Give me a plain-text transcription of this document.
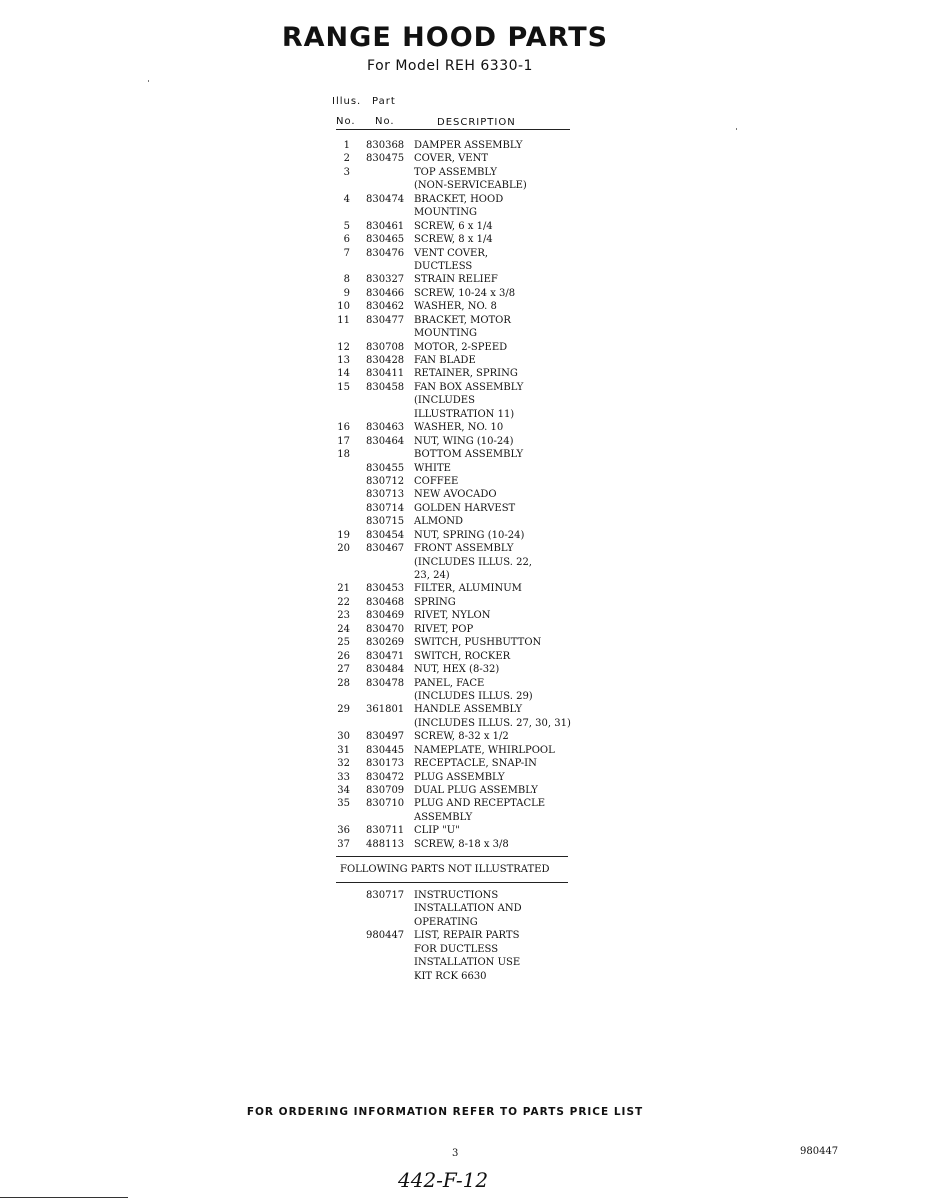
RANGE HOOD PARTS
For Model REH 6330-1
Illus. Part
No. No.	DESCRIPTION
1 830368 DAMPER ASSEMBLY
2 830475 COVER, VENT
3	TOP ASSEMBLY
(NON-SERVICEABLE)
4 830474 BRACKET, HOOD
MOUNTING
5 830461 SCREW, 6 x 1/4
6 830465 SCREW, 8 x 1/4
7 830476 VENT COVER,
DUCTLESS
8 830327 STRAIN RELIEF
9 830466 SCREW, 10-24 x 3/8
10 830462 WASHER, NO. 8
11 830477 BRACKET, MOTOR
MOUNTING
12 830708 MOTOR, 2-SPEED
13 830428 FAN BLADE
14 830411 RETAINER, SPRING
15 830458 FAN BOX ASSEMBLY
(INCLUDES
ILLUSTRATION 11)
16 830463 WASHER, NO. 10
17 830464 NUT, WING (10-24)
18	BOTTOM ASSEMBLY
830455 WHITE
830712 COFFEE
830713 NEW AVOCADO
830714 GOLDEN HARVEST
830715 ALMOND
19 830454 NUT, SPRING (10-24)
20 830467 FRONT ASSEMBLY
(INCLUDES ILLUS. 22,
23, 24)
21 830453 FILTER, ALUMINUM
22 830468 SPRING
23 830469 RIVET, NYLON
24 830470 RIVET, POP
25 830269 SWITCH, PUSHBUTTON
26 830471 SWITCH, ROCKER
27 830484 NUT, HEX (8-32)
28 830478 PANEL, FACE
(INCLUDES ILLUS. 29)
29 361801 HANDLE ASSEMBLY
(INCLUDES ILLUS. 27, 30, 31)
30 830497 SCREW, 8-32 x 1/2
31 830445 NAMEPLATE, WHIRLPOOL
32 830173 RECEPTACLE, SNAP-IN
33 830472 PLUG ASSEMBLY
34 830709 DUAL PLUG ASSEMBLY
35 830710 PLUG AND RECEPTACLE
ASSEMBLY
36 830711 CLIP "U"
37 488113 SCREW, 8-18 x 3/8
FOLLOWING PARTS NOT ILLUSTRATED
830717 INSTRUCTIONS
INSTALLATION AND
OPERATING
980447 LIST, REPAIR PARTS
FOR DUCTLESS
INSTALLATION USE
KIT RCK 6630
FOR ORDERING INFORMATION REFER TO PARTS PRICE LIST
3	980447
442-F-12
